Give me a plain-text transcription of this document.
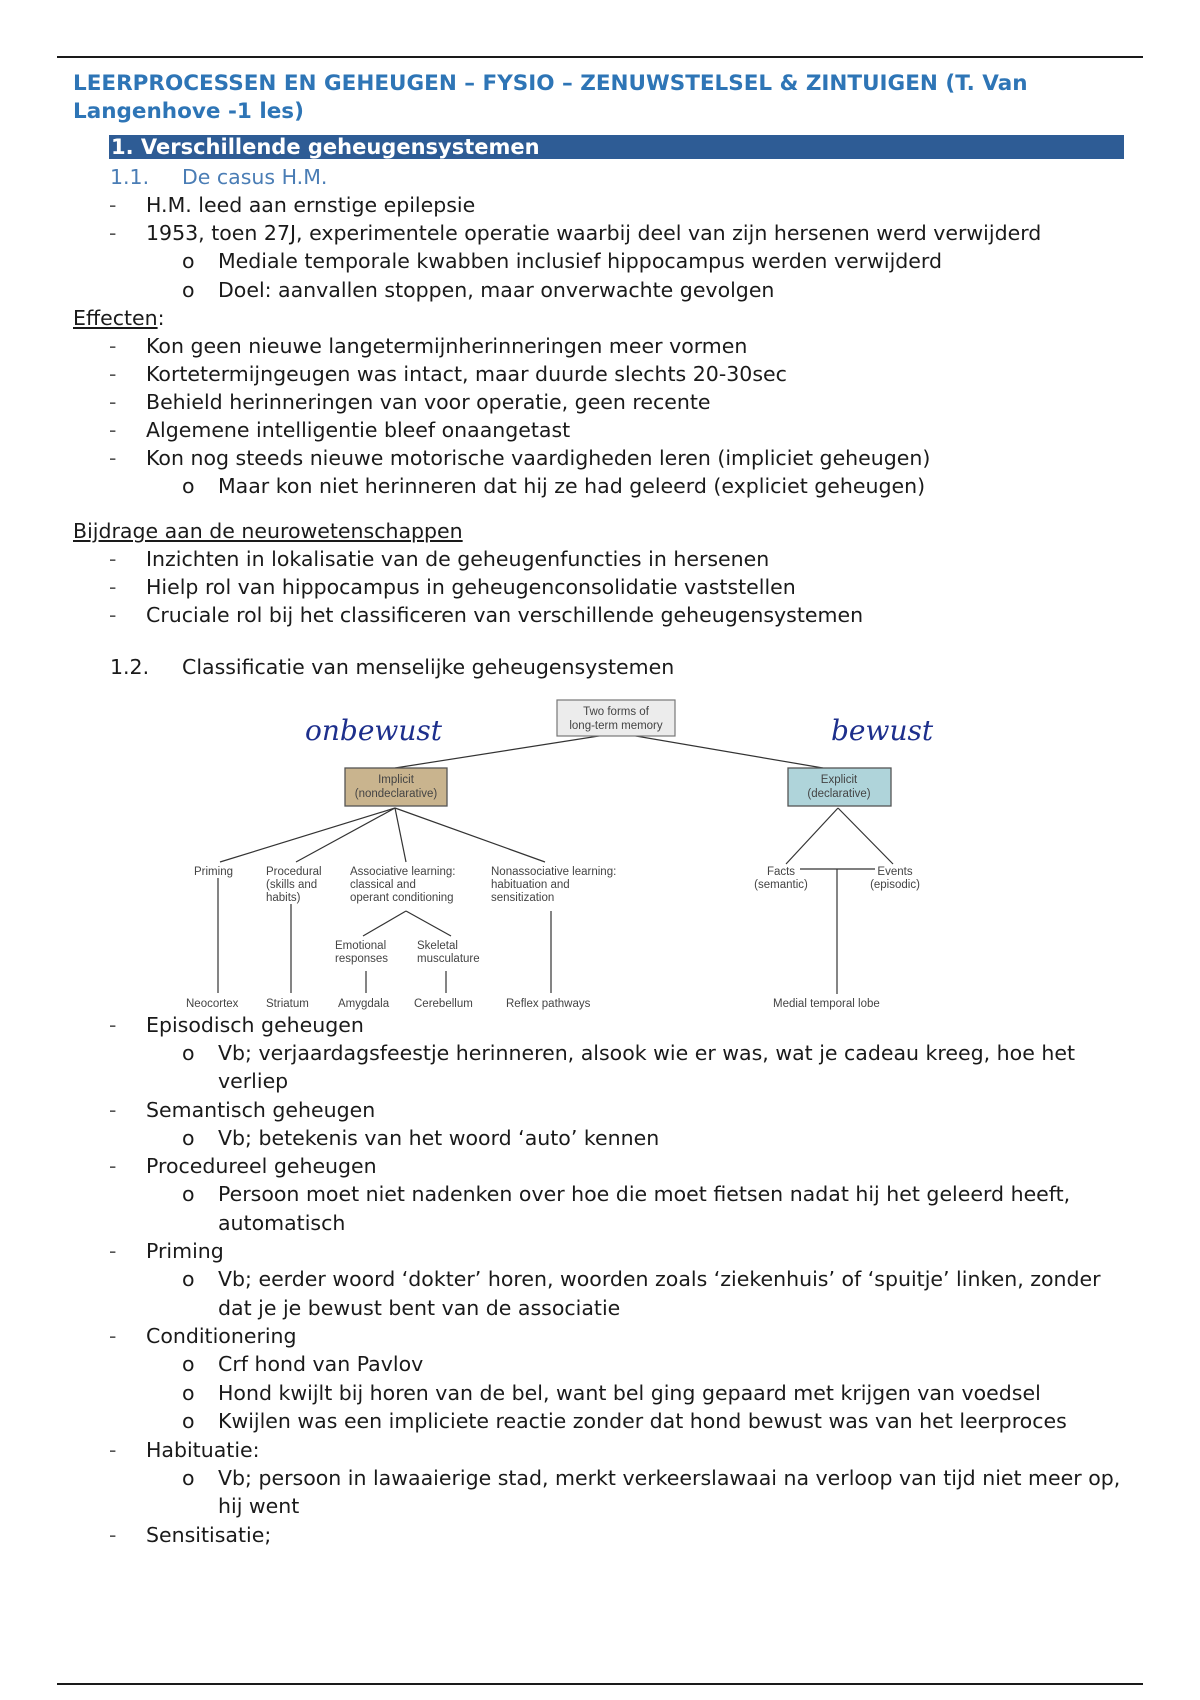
LEERPROCESSEN EN GEHEUGEN – FYSIO – ZENUWSTELSEL & ZINTUIGEN (T. Van Langenhove -1 les)
1. Verschillende geheugensystemen
1.1. De casus H.M.
- H.M. leed aan ernstige epilepsie
- 1953, toen 27J, experimentele operatie waarbij deel van zijn hersenen werd verwijderd
o Mediale temporale kwabben inclusief hippocampus werden verwijderd
o Doel: aanvallen stoppen, maar onverwachte gevolgen

Effecten:

- Kon geen nieuwe langetermijnherinneringen meer vormen
- Kortetermijngeugen was intact, maar duurde slechts 20-30sec
- Behield herinneringen van voor operatie, geen recente
- Algemene intelligentie bleef onaangetast
- Kon nog steeds nieuwe motorische vaardigheden leren (impliciet geheugen)
o Maar kon niet herinneren dat hij ze had geleerd (expliciet geheugen)

Bijdrage aan de neurowetenschappen

- Inzichten in lokalisatie van de geheugenfuncties in hersenen
- Hielp rol van hippocampus in geheugenconsolidatie vaststellen
- Cruciale rol bij het classificeren van verschillende geheugensystemen
1.2. Classificatie van menselijke geheugensystemen
Two forms of
long-term memory
Implicit
(nondeclarative)
Explicit
(declarative)
onbewust	bewust
Priming	Procedural
(skills and
habits)
Associative learning:
classical and
operant conditioning
Nonassociative learning:
habituation and
sensitization
Emotional
responses
Skeletal
musculature
Facts
(semantic)
Events
(episodic)
Neocortex Striatum	Amygdala Cerebellum	Reflex pathways	Medial temporal lobe
- Episodisch geheugen
o Vb; verjaardagsfeestje herinneren, alsook wie er was, wat je cadeau kreeg, hoe het verliep
- Semantisch geheugen
o Vb; betekenis van het woord ‘auto’ kennen
- Procedureel geheugen
o Persoon moet niet nadenken over hoe die moet fietsen nadat hij het geleerd heeft, automatisch
- Priming
o Vb; eerder woord ‘dokter’ horen, woorden zoals ‘ziekenhuis’ of ‘spuitje’ linken, zonder dat je je bewust bent van de associatie
- Conditionering
o Crf hond van Pavlov
o Hond kwijlt bij horen van de bel, want bel ging gepaard met krijgen van voedsel
o Kwijlen was een impliciete reactie zonder dat hond bewust was van het leerproces
- Habituatie:
o Vb; persoon in lawaaierige stad, merkt verkeerslawaai na verloop van tijd niet meer op, hij went
- Sensitisatie;
